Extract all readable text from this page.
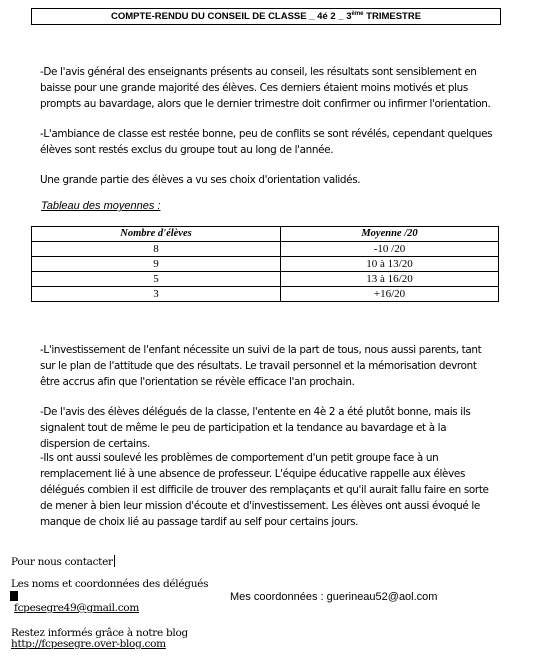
COMPTE-RENDU DU CONSEIL DE CLASSE _ 4é 2 _ 3ème TRIMESTRE

-De l'avis général des enseignants présents au conseil, les résultats sont sensiblement en baisse pour une grande majorité des élèves. Ces derniers étaient moins motivés et plus prompts au bavardage, alors que le dernier trimestre doit confirmer ou infirmer l'orientation.

-L'ambiance de classe est restée bonne, peu de conflits se sont révélés, cependant quelques élèves sont restés exclus du groupe tout au long de l'année.

Une grande partie des élèves a vu ses choix d'orientation validés.

Tableau des moyennes :
Nombre d'élèves	Moyenne /20
8	-10 /20
9	10 à 13/20
5	13 à 16/20
3	+16/20

-L'investissement de l'enfant nécessite un suivi de la part de tous, nous aussi parents, tant sur le plan de l'attitude que des résultats. Le travail personnel et la mémorisation devront être accrus afin que l'orientation se révèle efficace l'an prochain.

-De l'avis des élèves délégués de la classe, l'entente en 4è 2 a été plutôt bonne, mais ils signalent tout de même le peu de participation et la tendance au bavardage et à la dispersion de certains.

-Ils ont aussi soulevé les problèmes de comportement d'un petit groupe face à un remplacement lié à une absence de professeur. L'équipe éducative rappelle aux élèves délégués combien il est difficile de trouver des remplaçants et qu'il aurait fallu faire en sorte de mener à bien leur mission d'écoute et d'investissement. Les élèves ont aussi évoqué le manque de choix lié au passage tardif au self pour certains jours.

Pour nous contacter
Les noms et coordonnées des délégués
Mes coordonnées : guerineau52@aol.com
fcpesegre49@gmail.com
Restez informés grâce à notre blog
http://fcpesegre.over-blog.com
